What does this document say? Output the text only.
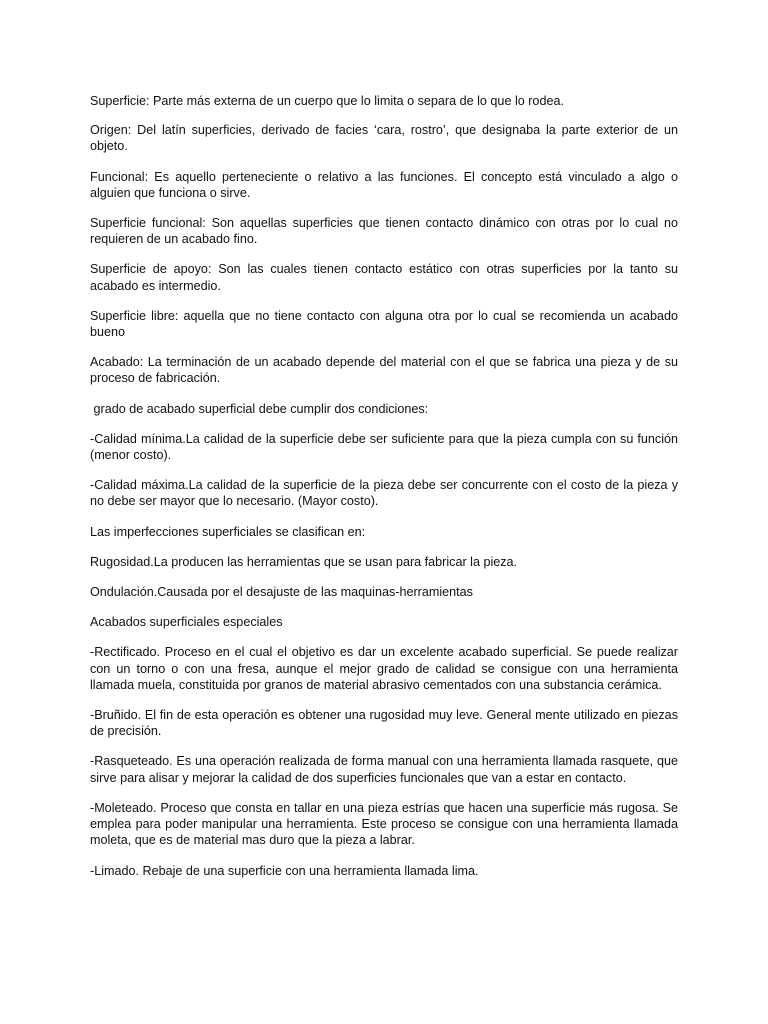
Superficie: Parte más externa de un cuerpo que lo limita o separa de lo que lo rodea.

Origen: Del latín superficies, derivado de facies ‘cara, rostro’, que designaba la parte exterior de un objeto.

Funcional: Es aquello perteneciente o relativo a las funciones. El concepto está vinculado a algo o alguien que funciona o sirve.

Superficie funcional: Son aquellas superficies que tienen contacto dinámico con otras por lo cual no requieren de un acabado fino.

Superficie de apoyo: Son las cuales tienen contacto estático con otras superficies por la tanto su acabado es intermedio.

Superficie libre: aquella que no tiene contacto con alguna otra por lo cual se recomienda un acabado bueno

Acabado: La terminación de un acabado depende del material con el que se fabrica una pieza y de su proceso de fabricación.

grado de acabado superficial debe cumplir dos condiciones:

-Calidad mínima.La calidad de la superficie debe ser suficiente para que la pieza cumpla con su función (menor costo).

-Calidad máxima.La calidad de la superficie de la pieza debe ser concurrente con el costo de la pieza y no debe ser mayor que lo necesario. (Mayor costo).

Las imperfecciones superficiales se clasifican en:

Rugosidad.La producen las herramientas que se usan para fabricar la pieza.

Ondulación.Causada por el desajuste de las maquinas-herramientas

Acabados superficiales especiales

-Rectificado. Proceso en el cual el objetivo es dar un excelente acabado superficial. Se puede realizar con un torno o con una fresa, aunque el mejor grado de calidad se consigue con una herramienta llamada muela, constituida por granos de material abrasivo cementados con una substancia cerámica.

-Bruñido. El fin de esta operación es obtener una rugosidad muy leve. General mente utilizado en piezas de precisión.

-Rasqueteado. Es una operación realizada de forma manual con una herramienta llamada rasquete, que sirve para alisar y mejorar la calidad de dos superficies funcionales que van a estar en contacto.

-Moleteado. Proceso que consta en tallar en una pieza estrías que hacen una superficie más rugosa. Se emplea para poder manipular una herramienta. Este proceso se consigue con una herramienta llamada moleta, que es de material mas duro que la pieza a labrar.

-Limado. Rebaje de una superficie con una herramienta llamada lima.
